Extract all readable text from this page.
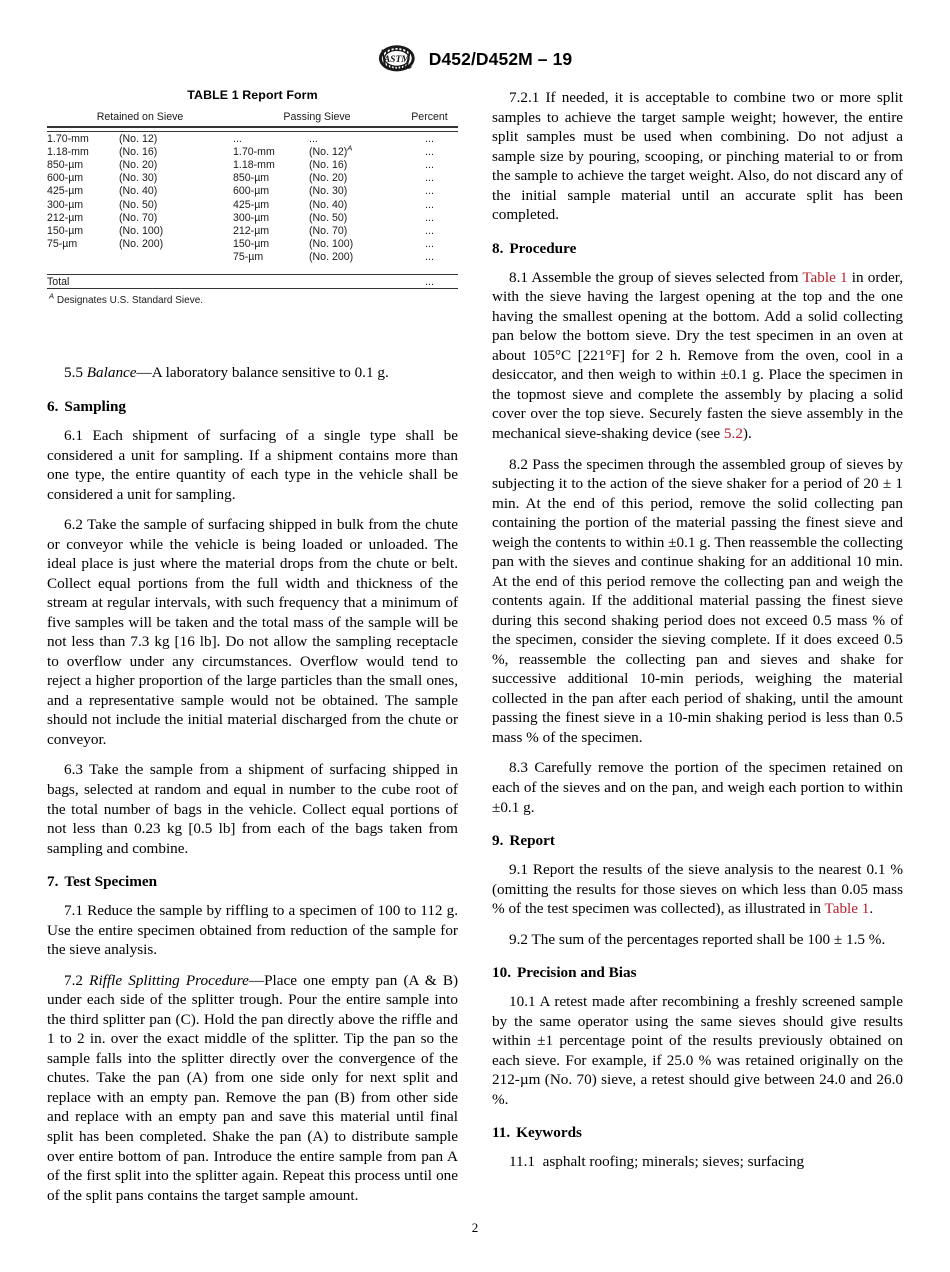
ASTM D452/D452M – 19
TABLE 1 Report Form

Retained on Sieve		Passing Sieve		Percent
1.70-mm	(No. 12)	...	...	...
1.18-mm	(No. 16)	1.70-mm	(No. 12)$^A$	...
850-µm	(No. 20)	1.18-mm	(No. 16)	...
600-µm	(No. 30)	850-µm	(No. 20)	...
425-µm	(No. 40)	600-µm	(No. 30)	...
300-µm	(No. 50)	425-µm	(No. 40)	...
212-µm	(No. 70)	300-µm	(No. 50)	...
150-µm	(No. 100)	212-µm	(No. 70)	...
75-µm	(No. 200)	150-µm	(No. 100)	...
		75-µm	(No. 200)	...

Total				...

$^A$ Designates U.S. Standard Sieve.

5.5 Balance—A laboratory balance sensitive to 0.1 g.

6. Sampling

6.1 Each shipment of surfacing of a single type shall be considered a unit for sampling. If a shipment contains more than one type, the entire quantity of each type in the vehicle shall be considered a unit for sampling.

6.2 Take the sample of surfacing shipped in bulk from the chute or conveyor while the vehicle is being loaded or unloaded. The ideal place is just where the material drops from the chute or belt. Collect equal portions from the full width and thickness of the stream at regular intervals, with such frequency that a minimum of five samples will be taken and the total mass of the sample will be not less than 7.3 kg [16 lb]. Do not allow the sampling receptacle to overflow under any circumstances. Overflow would tend to reject a higher proportion of the large particles than the small ones, and a representative sample would not be obtained. The sample should not include the initial material discharged from the chute or conveyor.

6.3 Take the sample from a shipment of surfacing shipped in bags, selected at random and equal in number to the cube root of the total number of bags in the vehicle. Collect equal portions of not less than 0.23 kg [0.5 lb] from each of the bags taken from sampling and combine.

7. Test Specimen

7.1 Reduce the sample by riffling to a specimen of 100 to 112 g. Use the entire specimen obtained from reduction of the sample for the sieve analysis.

7.2 Riffle Splitting Procedure—Place one empty pan (A & B) under each side of the splitter trough. Pour the entire sample into the third splitter pan (C). Hold the pan directly above the riffle and 1 to 2 in. over the exact middle of the splitter. Tip the pan so the sample falls into the splitter directly over the convergence of the chutes. Take the pan (A) from one side only for next split and replace with an empty pan. Remove the pan (B) from other side and replace with an empty pan and save this material until final split has been completed. Shake the pan (A) to distribute sample over entire bottom of pan. Introduce the entire sample from pan A of the first split into the splitter again. Repeat this process until one of the split pans contains the target sample amount.

7.2.1 If needed, it is acceptable to combine two or more split samples to achieve the target sample weight; however, the entire split samples must be used when combining. Do not adjust a sample size by pouring, scooping, or pinching material to or from the sample to achieve the target weight. Also, do not discard any of the initial sample material until an accurate split has been completed.

8. Procedure

8.1 Assemble the group of sieves selected from Table 1 in order, with the sieve having the largest opening at the top and the one having the smallest opening at the bottom. Add a solid collecting pan below the bottom sieve. Dry the test specimen in an oven at about 105°C [221°F] for 2 h. Remove from the oven, cool in a desiccator, and then weigh to within ±0.1 g. Place the specimen in the topmost sieve and complete the assembly by placing a solid cover over the top sieve. Securely fasten the sieve assembly in the mechanical sieve-shaking device (see 5.2).

8.2 Pass the specimen through the assembled group of sieves by subjecting it to the action of the sieve shaker for a period of 20 ± 1 min. At the end of this period, remove the solid collecting pan containing the portion of the material passing the finest sieve and weigh the contents to within ±0.1 g. Then reassemble the collecting pan with the sieves and continue shaking for an additional 10 min. At the end of this period remove the collecting pan and weigh the contents again. If the additional material passing the finest sieve during this second shaking period does not exceed 0.5 mass % of the specimen, consider the sieving complete. If it does exceed 0.5 %, reassemble the collecting pan and sieves and shake for successive additional 10-min periods, weighing the material collected in the pan after each period of shaking, until the amount passing the finest sieve in a 10-min shaking period is less than 0.5 mass % of the specimen.

8.3 Carefully remove the portion of the specimen retained on each of the sieves and on the pan, and weigh each portion to within ±0.1 g.

9. Report

9.1 Report the results of the sieve analysis to the nearest 0.1 % (omitting the results for those sieves on which less than 0.05 mass % of the test specimen was collected), as illustrated in Table 1.

9.2 The sum of the percentages reported shall be 100 ± 1.5 %.

10. Precision and Bias

10.1 A retest made after recombining a freshly screened sample by the same operator using the same sieves should give results within ±1 percentage point of the results previously obtained on each sieve. For example, if 25.0 % was retained originally on the 212-µm (No. 70) sieve, a retest should give between 24.0 and 26.0 %.

11. Keywords

11.1 asphalt roofing; minerals; sieves; surfacing

2
